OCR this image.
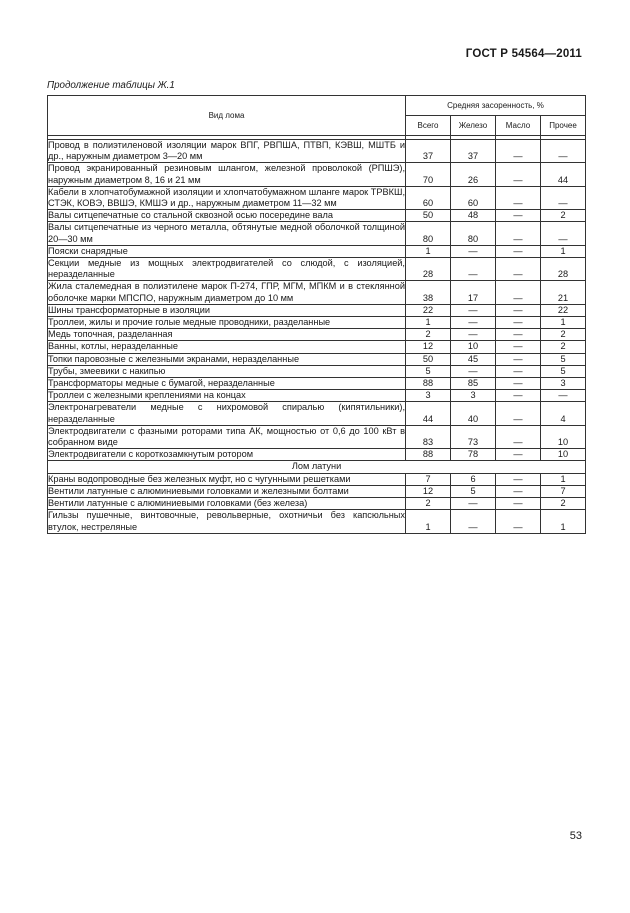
ГОСТ Р 54564—2011
Продолжение таблицы Ж.1
Вид лома	Средняя засоренность, %			
	Всего	Железо	Масло	Прочее

Провод в полиэтиленовой изоляции марок ВПГ, РВПША, ПТВП, КЭВШ, МШТБ и др., наружным диаметром 3—20 мм	37	37	—	—
Провод экранированный резиновым шлангом, железной проволокой (РПШЭ), наружным диаметром 8, 16 и 21 мм	70	26	—	44
Кабели в хлопчатобумажной изоляции и хлопчатобумажном шланге марок ТРВКШ, СТЭК, КОВЭ, ВВШЭ, КМШЭ и др., наружным диаметром 11—32 мм	60	60	—	—
Валы ситцепечатные со стальной сквозной осью посередине вала	50	48	—	2
Валы ситцепечатные из черного металла, обтянутые медной оболочкой толщиной 20—30 мм	80	80	—	—
Пояски снарядные	1	—	—	1
Секции медные из мощных электродвигателей со слюдой, с изоляцией, неразделанные	28	—	—	28
Жила сталемедная в полиэтилене марок П-274, ГПР, МГМ, МПКМ и в стеклянной оболочке марки МПСПО, наружным диаметром до 10 мм	38	17	—	21
Шины трансформаторные в изоляции	22	—	—	22
Троллеи, жилы и прочие голые медные проводники, разделанные	1	—	—	1
Медь топочная, разделанная	2	—	—	2
Ванны, котлы, неразделанные	12	10	—	2
Топки паровозные с железными экранами, неразделанные	50	45	—	5
Трубы, змеевики с накипью	5	—	—	5
Трансформаторы медные с бумагой, неразделанные	88	85	—	3
Троллеи с железными креплениями на концах	3	3	—	—
Электронагреватели медные с нихромовой спиралью (кипятильники), неразделанные	44	40	—	4
Электродвигатели с фазными роторами типа АК, мощностью от 0,6 до 100 кВт в собранном виде	83	73	—	10
Электродвигатели с короткозамкнутым ротором	88	78	—	10
Лом латуни				
Краны водопроводные без железных муфт, но с чугунными решетками	7	6	—	1
Вентили латунные с алюминиевыми головками и железными болтами	12	5	—	7
Вентили латунные с алюминиевыми головками (без железа)	2	—	—	2
Гильзы пушечные, винтовочные, револьверные, охотничьи без капсюльных втулок, нестреляные	1	—	—	1
53
